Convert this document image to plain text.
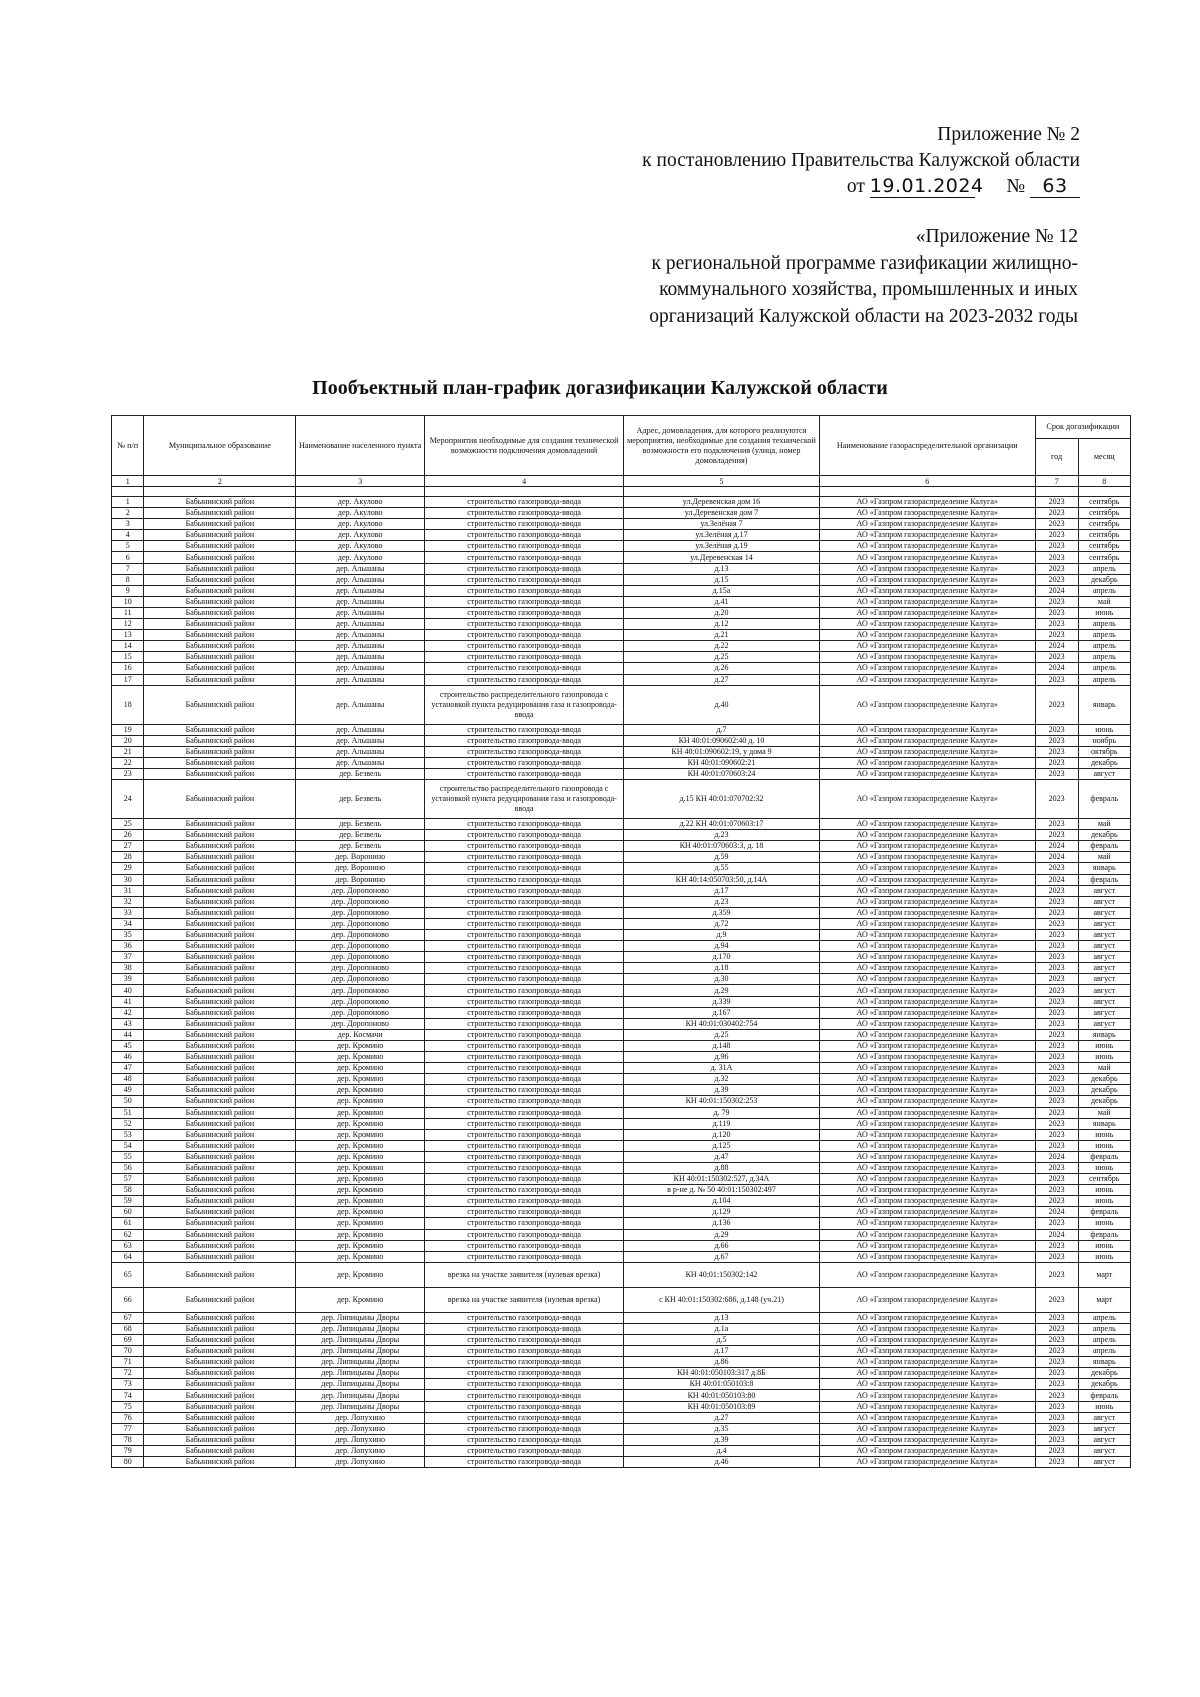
Приложение № 2
к постановлению Правительства Калужской области
от 19.01.2024 № 63
«Приложение № 12
к региональной программе газификации жилищно-
коммунального хозяйства, промышленных и иных
организаций Калужской области на 2023-2032 годы
Пообъектный план-график догазификации Калужской области
№ п/п	Муниципальное образование	Наименование населенного пункта	Мероприятия необходимые для создания технической возможности подключения домовладений	Адрес, домовладения, для которого реализуются мероприятия, необходимые для создания технической возможности его подключения (улица, номер домовладения)	Наименование газораспределительной организации	Срок догазификации	
						год	месяц
1	2	3	4	5	6	7	8

1	Бабынинский район	дер. Акулово	строительство газопровода-ввода	ул.Деревенская дом 16	АО «Газпром газораспределение Калуга»	2023	сентябрь
2	Бабынинский район	дер. Акулово	строительство газопровода-ввода	ул.Деревенская дом 7	АО «Газпром газораспределение Калуга»	2023	сентябрь
3	Бабынинский район	дер. Акулово	строительство газопровода-ввода	ул.Зелёная 7	АО «Газпром газораспределение Калуга»	2023	сентябрь
4	Бабынинский район	дер. Акулово	строительство газопровода-ввода	ул.Зелёная д.17	АО «Газпром газораспределение Калуга»	2023	сентябрь
5	Бабынинский район	дер. Акулово	строительство газопровода-ввода	ул.Зелёная д.19	АО «Газпром газораспределение Калуга»	2023	сентябрь
6	Бабынинский район	дер. Акулово	строительство газопровода-ввода	ул.Деревенская 14	АО «Газпром газораспределение Калуга»	2023	сентябрь
7	Бабынинский район	дер. Альшаны	строительство газопровода-ввода	д.13	АО «Газпром газораспределение Калуга»	2023	апрель
8	Бабынинский район	дер. Альшаны	строительство газопровода-ввода	д.15	АО «Газпром газораспределение Калуга»	2023	декабрь
9	Бабынинский район	дер. Альшаны	строительство газопровода-ввода	д.15а	АО «Газпром газораспределение Калуга»	2024	апрель
10	Бабынинский район	дер. Альшаны	строительство газопровода-ввода	д.41	АО «Газпром газораспределение Калуга»	2023	май
11	Бабынинский район	дер. Альшаны	строительство газопровода-ввода	д.20	АО «Газпром газораспределение Калуга»	2023	июнь
12	Бабынинский район	дер. Альшаны	строительство газопровода-ввода	д.12	АО «Газпром газораспределение Калуга»	2023	апрель
13	Бабынинский район	дер. Альшаны	строительство газопровода-ввода	д.21	АО «Газпром газораспределение Калуга»	2023	апрель
14	Бабынинский район	дер. Альшаны	строительство газопровода-ввода	д.22	АО «Газпром газораспределение Калуга»	2024	апрель
15	Бабынинский район	дер. Альшаны	строительство газопровода-ввода	д.25	АО «Газпром газораспределение Калуга»	2023	апрель
16	Бабынинский район	дер. Альшаны	строительство газопровода-ввода	д.26	АО «Газпром газораспределение Калуга»	2024	апрель
17	Бабынинский район	дер. Альшаны	строительство газопровода-ввода	д.27	АО «Газпром газораспределение Калуга»	2023	апрель
18	Бабынинский район	дер. Альшаны	строительство распределительного газопровода с установкой пункта редуцирования газа и газопровода-ввода	д.40	АО «Газпром газораспределение Калуга»	2023	январь
19	Бабынинский район	дер. Альшаны	строительство газопровода-ввода	д.7	АО «Газпром газораспределение Калуга»	2023	июнь
20	Бабынинский район	дер. Альшаны	строительство газопровода-ввода	КН 40:01:090602:40 д. 10	АО «Газпром газораспределение Калуга»	2023	ноябрь
21	Бабынинский район	дер. Альшаны	строительство газопровода-ввода	КН 40:01:090602:19, у дома 9	АО «Газпром газораспределение Калуга»	2023	октябрь
22	Бабынинский район	дер. Альшаны	строительство газопровода-ввода	КН 40:01:090602:21	АО «Газпром газораспределение Калуга»	2023	декабрь
23	Бабынинский район	дер. Безвель	строительство газопровода-ввода	КН 40:01:070603:24	АО «Газпром газораспределение Калуга»	2023	август
24	Бабынинский район	дер. Безвель	строительство распределительного газопровода с установкой пункта редуцирования газа и газопровода-ввода	д.15 КН 40:01:070702:32	АО «Газпром газораспределение Калуга»	2023	февраль
25	Бабынинский район	дер. Безвель	строительство газопровода-ввода	д.22 КН 40:01:070603:17	АО «Газпром газораспределение Калуга»	2023	май
26	Бабынинский район	дер. Безвель	строительство газопровода-ввода	д.23	АО «Газпром газораспределение Калуга»	2023	декабрь
27	Бабынинский район	дер. Безвель	строительство газопровода-ввода	КН 40:01:070603:3, д. 18	АО «Газпром газораспределение Калуга»	2024	февраль
28	Бабынинский район	дер. Воронино	строительство газопровода-ввода	д.59	АО «Газпром газораспределение Калуга»	2024	май
29	Бабынинский район	дер. Воронино	строительство газопровода-ввода	д.55	АО «Газпром газораспределение Калуга»	2023	январь
30	Бабынинский район	дер. Воронино	строительство газопровода-ввода	КН 40:14:050703:50, д.14А	АО «Газпром газораспределение Калуга»	2024	февраль
31	Бабынинский район	дер. Доропоново	строительство газопровода-ввода	д.17	АО «Газпром газораспределение Калуга»	2023	август
32	Бабынинский район	дер. Доропоново	строительство газопровода-ввода	д.23	АО «Газпром газораспределение Калуга»	2023	август
33	Бабынинский район	дер. Доропоново	строительство газопровода-ввода	д.359	АО «Газпром газораспределение Калуга»	2023	август
34	Бабынинский район	дер. Доропоново	строительство газопровода-ввода	д.72	АО «Газпром газораспределение Калуга»	2023	август
35	Бабынинский район	дер. Доропоново	строительство газопровода-ввода	д.9	АО «Газпром газораспределение Калуга»	2023	август
36	Бабынинский район	дер. Доропоново	строительство газопровода-ввода	д.94	АО «Газпром газораспределение Калуга»	2023	август
37	Бабынинский район	дер. Доропоново	строительство газопровода-ввода	д.170	АО «Газпром газораспределение Калуга»	2023	август
38	Бабынинский район	дер. Доропоново	строительство газопровода-ввода	д.18	АО «Газпром газораспределение Калуга»	2023	август
39	Бабынинский район	дер. Доропоново	строительство газопровода-ввода	д.30	АО «Газпром газораспределение Калуга»	2023	август
40	Бабынинский район	дер. Доропоново	строительство газопровода-ввода	д.29	АО «Газпром газораспределение Калуга»	2023	август
41	Бабынинский район	дер. Доропоново	строительство газопровода-ввода	д.339	АО «Газпром газораспределение Калуга»	2023	август
42	Бабынинский район	дер. Доропоново	строительство газопровода-ввода	д.167	АО «Газпром газораспределение Калуга»	2023	август
43	Бабынинский район	дер. Доропоново	строительство газопровода-ввода	КН 40:01:030402:754	АО «Газпром газораспределение Калуга»	2023	август
44	Бабынинский район	дер. Космачи	строительство газопровода-ввода	д.25	АО «Газпром газораспределение Калуга»	2023	январь
45	Бабынинский район	дер. Кромино	строительство газопровода-ввода	д.148	АО «Газпром газораспределение Калуга»	2023	июнь
46	Бабынинский район	дер. Кромино	строительство газопровода-ввода	д.96	АО «Газпром газораспределение Калуга»	2023	июнь
47	Бабынинский район	дер. Кромино	строительство газопровода-ввода	д. 31А	АО «Газпром газораспределение Калуга»	2023	май
48	Бабынинский район	дер. Кромино	строительство газопровода-ввода	д.32	АО «Газпром газораспределение Калуга»	2023	декабрь
49	Бабынинский район	дер. Кромино	строительство газопровода-ввода	д.39	АО «Газпром газораспределение Калуга»	2023	декабрь
50	Бабынинский район	дер. Кромино	строительство газопровода-ввода	КН 40:01:150302:253	АО «Газпром газораспределение Калуга»	2023	декабрь
51	Бабынинский район	дер. Кромино	строительство газопровода-ввода	д. 79	АО «Газпром газораспределение Калуга»	2023	май
52	Бабынинский район	дер. Кромино	строительство газопровода-ввода	д.119	АО «Газпром газораспределение Калуга»	2023	январь
53	Бабынинский район	дер. Кромино	строительство газопровода-ввода	д.120	АО «Газпром газораспределение Калуга»	2023	июнь
54	Бабынинский район	дер. Кромино	строительство газопровода-ввода	д.125	АО «Газпром газораспределение Калуга»	2023	июнь
55	Бабынинский район	дер. Кромино	строительство газопровода-ввода	д.47	АО «Газпром газораспределение Калуга»	2024	февраль
56	Бабынинский район	дер. Кромино	строительство газопровода-ввода	д.88	АО «Газпром газораспределение Калуга»	2023	июнь
57	Бабынинский район	дер. Кромино	строительство газопровода-ввода	КН 40:01:150302:527, д.34А	АО «Газпром газораспределение Калуга»	2023	сентябрь
58	Бабынинский район	дер. Кромино	строительство газопровода-ввода	в р-не д. № 50 40:01:150302:497	АО «Газпром газораспределение Калуга»	2023	июнь
59	Бабынинский район	дер. Кромино	строительство газопровода-ввода	д.104	АО «Газпром газораспределение Калуга»	2023	июнь
60	Бабынинский район	дер. Кромино	строительство газопровода-ввода	д.129	АО «Газпром газораспределение Калуга»	2024	февраль
61	Бабынинский район	дер. Кромино	строительство газопровода-ввода	д.136	АО «Газпром газораспределение Калуга»	2023	июнь
62	Бабынинский район	дер. Кромино	строительство газопровода-ввода	д.29	АО «Газпром газораспределение Калуга»	2024	февраль
63	Бабынинский район	дер. Кромино	строительство газопровода-ввода	д.66	АО «Газпром газораспределение Калуга»	2023	июнь
64	Бабынинский район	дер. Кромино	строительство газопровода-ввода	д.67	АО «Газпром газораспределение Калуга»	2023	июнь
65	Бабынинский район	дер. Кромино	врезка на участке заявителя (нулевая врезка)	КН 40:01:150302:142	АО «Газпром газораспределение Калуга»	2023	март
66	Бабынинский район	дер. Кромино	врезка на участке заявителя (нулевая врезка)	с КН 40:01:150302:686, д.148 (уч.21)	АО «Газпром газораспределение Калуга»	2023	март
67	Бабынинский район	дер. Липицыны Дворы	строительство газопровода-ввода	д.13	АО «Газпром газораспределение Калуга»	2023	апрель
68	Бабынинский район	дер. Липицыны Дворы	строительство газопровода-ввода	д.1а	АО «Газпром газораспределение Калуга»	2023	апрель
69	Бабынинский район	дер. Липицыны Дворы	строительство газопровода-ввода	д.5	АО «Газпром газораспределение Калуга»	2023	апрель
70	Бабынинский район	дер. Липицыны Дворы	строительство газопровода-ввода	д.17	АО «Газпром газораспределение Калуга»	2023	апрель
71	Бабынинский район	дер. Липицыны Дворы	строительство газопровода-ввода	д.86	АО «Газпром газораспределение Калуга»	2023	январь
72	Бабынинский район	дер. Липицыны Дворы	строительство газопровода-ввода	КН 40:01:050103:317 д.8Б	АО «Газпром газораспределение Калуга»	2023	декабрь
73	Бабынинский район	дер. Липицыны Дворы	строительство газопровода-ввода	КН 40:01:050103:8	АО «Газпром газораспределение Калуга»	2023	декабрь
74	Бабынинский район	дер. Липицыны Дворы	строительство газопровода-ввода	КН 40:01:050103:80	АО «Газпром газораспределение Калуга»	2023	февраль
75	Бабынинский район	дер. Липицыны Дворы	строительство газопровода-ввода	КН 40:01:050103:89	АО «Газпром газораспределение Калуга»	2023	июнь
76	Бабынинский район	дер. Лопухино	строительство газопровода-ввода	д.27	АО «Газпром газораспределение Калуга»	2023	август
77	Бабынинский район	дер. Лопухино	строительство газопровода-ввода	д.35	АО «Газпром газораспределение Калуга»	2023	август
78	Бабынинский район	дер. Лопухино	строительство газопровода-ввода	д.39	АО «Газпром газораспределение Калуга»	2023	август
79	Бабынинский район	дер. Лопухино	строительство газопровода-ввода	д.4	АО «Газпром газораспределение Калуга»	2023	август
80	Бабынинский район	дер. Лопухино	строительство газопровода-ввода	д.46	АО «Газпром газораспределение Калуга»	2023	август
